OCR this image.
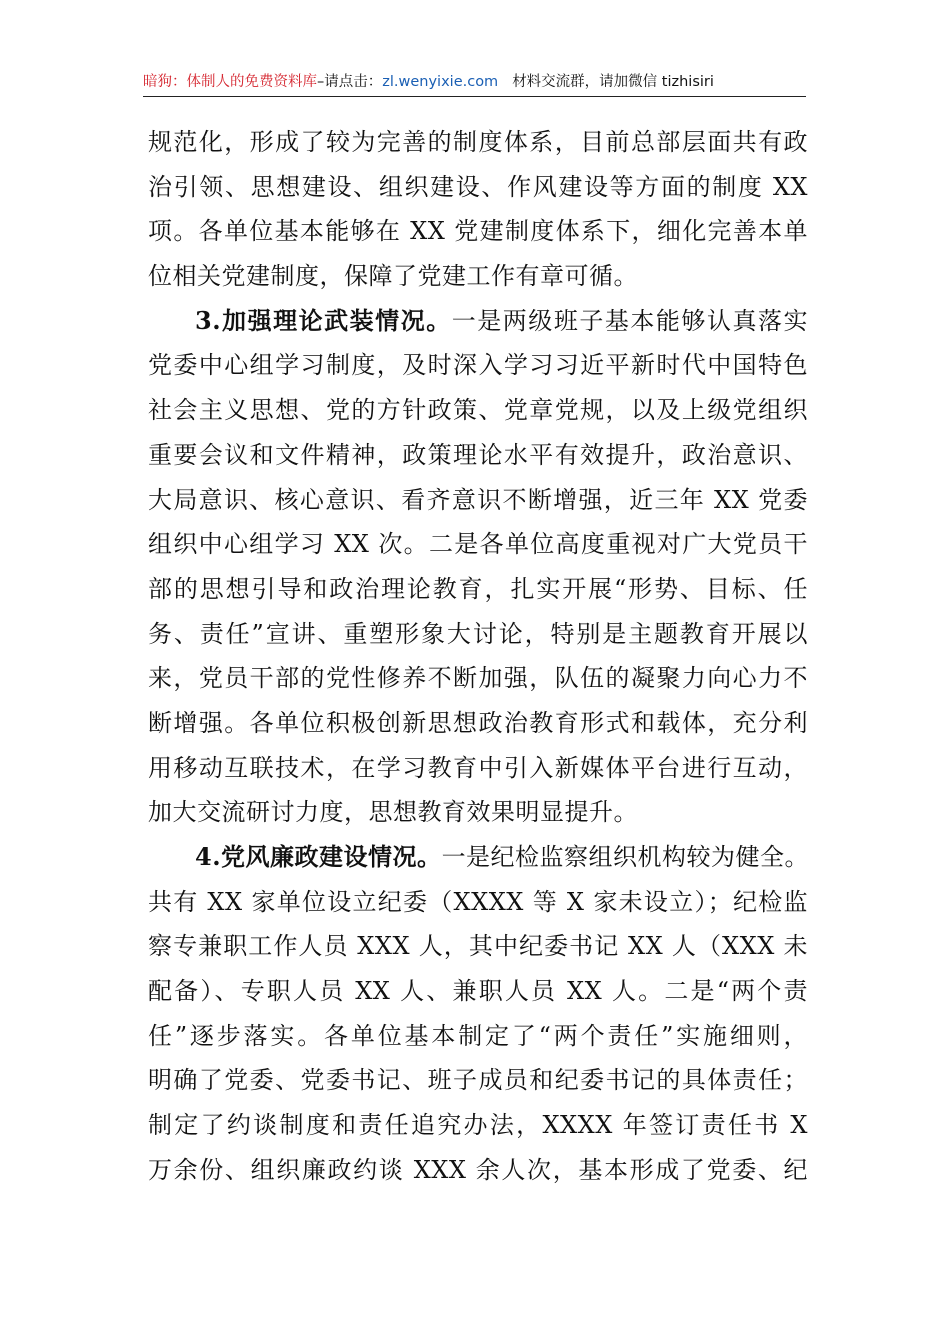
暗狗：体制人的免费资料库–请点击：zl.wenyixie.com 材料交流群，请加微信 tizhisiri
规范化，形成了较为完善的制度体系，目前总部层面共有政
治引领、思想建设、组织建设、作风建设等方面的制度 XX
项。各单位基本能够在 XX 党建制度体系下，细化完善本单
位相关党建制度，保障了党建工作有章可循。
3.加强理论武装情况。一是两级班子基本能够认真落实
党委中心组学习制度，及时深入学习习近平新时代中国特色
社会主义思想、党的方针政策、党章党规，以及上级党组织
重要会议和文件精神，政策理论水平有效提升，政治意识、
大局意识、核心意识、看齐意识不断增强，近三年 XX 党委
组织中心组学习 XX 次。二是各单位高度重视对广大党员干
部的思想引导和政治理论教育，扎实开展“形势、目标、任
务、责任”宣讲、重塑形象大讨论，特别是主题教育开展以
来，党员干部的党性修养不断加强，队伍的凝聚力向心力不
断增强。各单位积极创新思想政治教育形式和载体，充分利
用移动互联技术，在学习教育中引入新媒体平台进行互动，
加大交流研讨力度，思想教育效果明显提升。
4.党风廉政建设情况。一是纪检监察组织机构较为健全。
共有 XX 家单位设立纪委（XXXX 等 X 家未设立）；纪检监
察专兼职工作人员 XXX 人，其中纪委书记 XX 人（XXX 未
配备）、专职人员 XX 人、兼职人员 XX 人。二是“两个责
任”逐步落实。各单位基本制定了“两个责任”实施细则，
明确了党委、党委书记、班子成员和纪委书记的具体责任；
制定了约谈制度和责任追究办法，XXXX 年签订责任书 X
万余份、组织廉政约谈 XXX 余人次，基本形成了党委、纪
